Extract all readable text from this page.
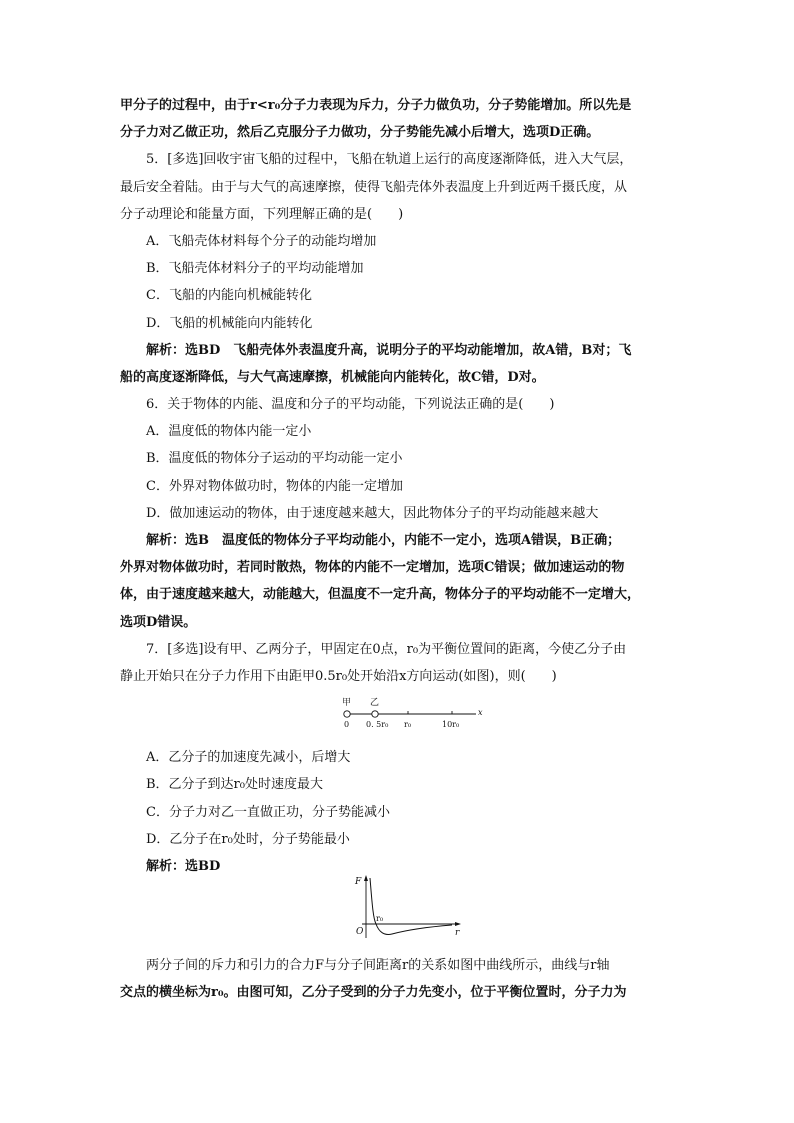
甲分子的过程中，由于r<r₀分子力表现为斥力，分子力做负功，分子势能增加。所以先是
分子力对乙做正功，然后乙克服分子力做功，分子势能先减小后增大，选项D正确。
5．[多选]回收宇宙飞船的过程中，飞船在轨道上运行的高度逐渐降低，进入大气层，
最后安全着陆。由于与大气的高速摩擦，使得飞船壳体外表温度上升到近两千摄氏度，从
分子动理论和能量方面，下列理解正确的是(　　)
A．飞船壳体材料每个分子的动能均增加
B．飞船壳体材料分子的平均动能增加
C．飞船的内能向机械能转化
D．飞船的机械能向内能转化
解析：选BD　飞船壳体外表温度升高，说明分子的平均动能增加，故A错，B对；飞
船的高度逐渐降低，与大气高速摩擦，机械能向内能转化，故C错，D对。
6．关于物体的内能、温度和分子的平均动能，下列说法正确的是(　　)
A．温度低的物体内能一定小
B．温度低的物体分子运动的平均动能一定小
C．外界对物体做功时，物体的内能一定增加
D．做加速运动的物体，由于速度越来越大，因此物体分子的平均动能越来越大
解析：选B　温度低的物体分子平均动能小，内能不一定小，选项A错误，B正确；
外界对物体做功时，若同时散热，物体的内能不一定增加，选项C错误；做加速运动的物
体，由于速度越来越大，动能越大，但温度不一定升高，物体分子的平均动能不一定增大，
选项D错误。
7．[多选]设有甲、乙两分子，甲固定在0点，r₀为平衡位置间的距离，今使乙分子由
静止开始只在分子力作用下由距甲0.5r₀处开始沿x方向运动(如图)，则(　　)
A．乙分子的加速度先减小，后增大
B．乙分子到达r₀处时速度最大
C．分子力对乙一直做正功，分子势能减小
D．乙分子在r₀处时，分子势能最小
解析：选BD
甲 乙
x
0 0. 5r₀ r₀	10r₀
F
r
O
r₀
两分子间的斥力和引力的合力F与分子间距离r的关系如图中曲线所示，曲线与r轴
交点的横坐标为r₀。由图可知，乙分子受到的分子力先变小，位于平衡位置时，分子力为
